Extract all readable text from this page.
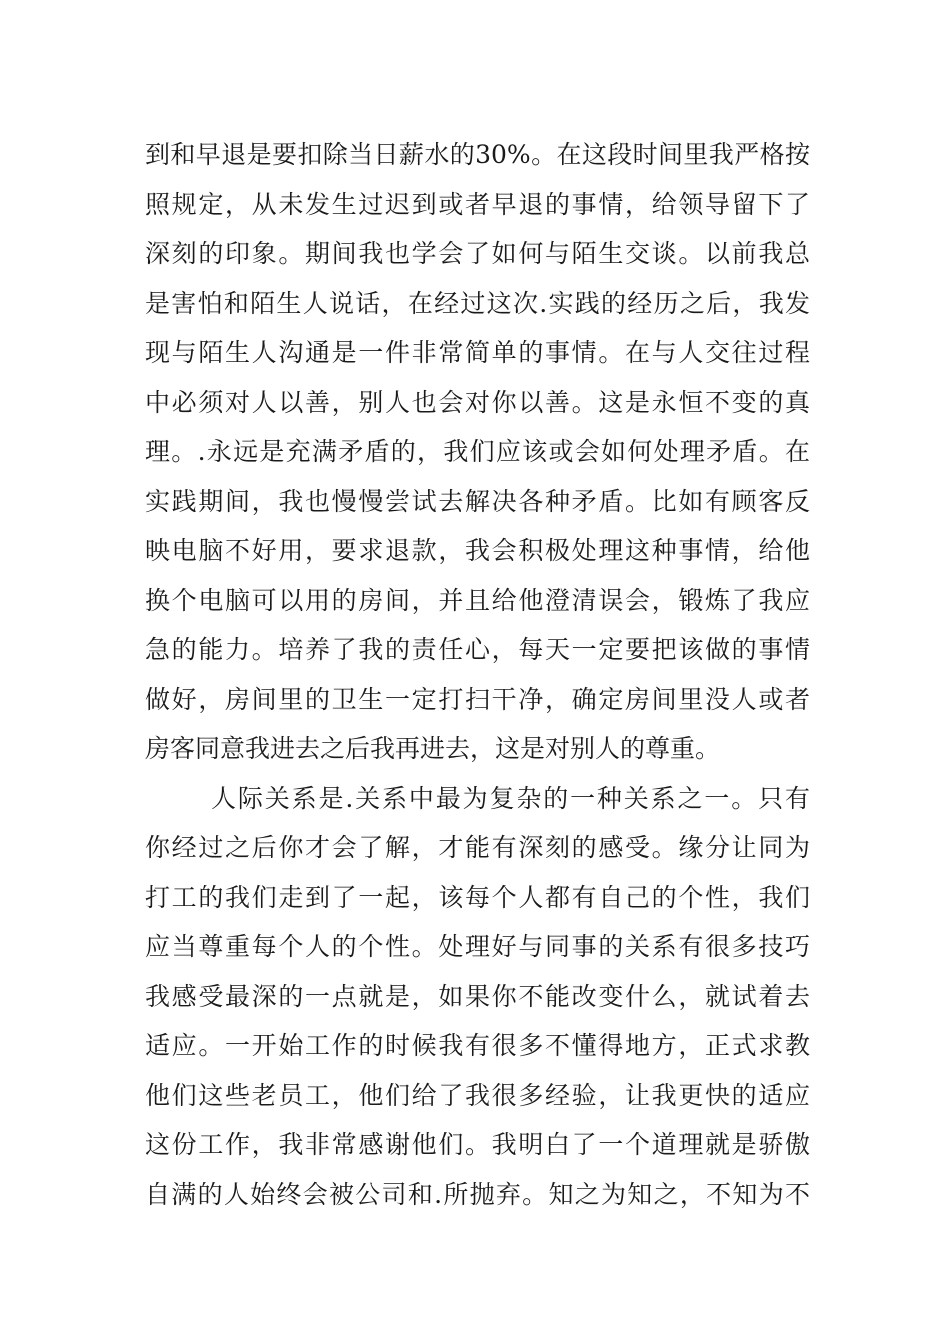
到和早退是要扣除当日薪水的30%。在这段时间里我严格按
照规定，从未发生过迟到或者早退的事情，给领导留下了
深刻的印象。期间我也学会了如何与陌生交谈。以前我总
是害怕和陌生人说话，在经过这次.实践的经历之后，我发
现与陌生人沟通是一件非常简单的事情。在与人交往过程
中必须对人以善，别人也会对你以善。这是永恒不变的真
理。.永远是充满矛盾的，我们应该或会如何处理矛盾。在
实践期间，我也慢慢尝试去解决各种矛盾。比如有顾客反
映电脑不好用，要求退款，我会积极处理这种事情，给他
换个电脑可以用的房间，并且给他澄清误会，锻炼了我应
急的能力。培养了我的责任心，每天一定要把该做的事情
做好，房间里的卫生一定打扫干净，确定房间里没人或者
房客同意我进去之后我再进去，这是对别人的尊重。
人际关系是.关系中最为复杂的一种关系之一。只有
你经过之后你才会了解，才能有深刻的感受。缘分让同为
打工的我们走到了一起，该每个人都有自己的个性，我们
应当尊重每个人的个性。处理好与同事的关系有很多技巧
我感受最深的一点就是，如果你不能改变什么，就试着去
适应。一开始工作的时候我有很多不懂得地方，正式求教
他们这些老员工，他们给了我很多经验，让我更快的适应
这份工作，我非常感谢他们。我明白了一个道理就是骄傲
自满的人始终会被公司和.所抛弃。知之为知之，不知为不
